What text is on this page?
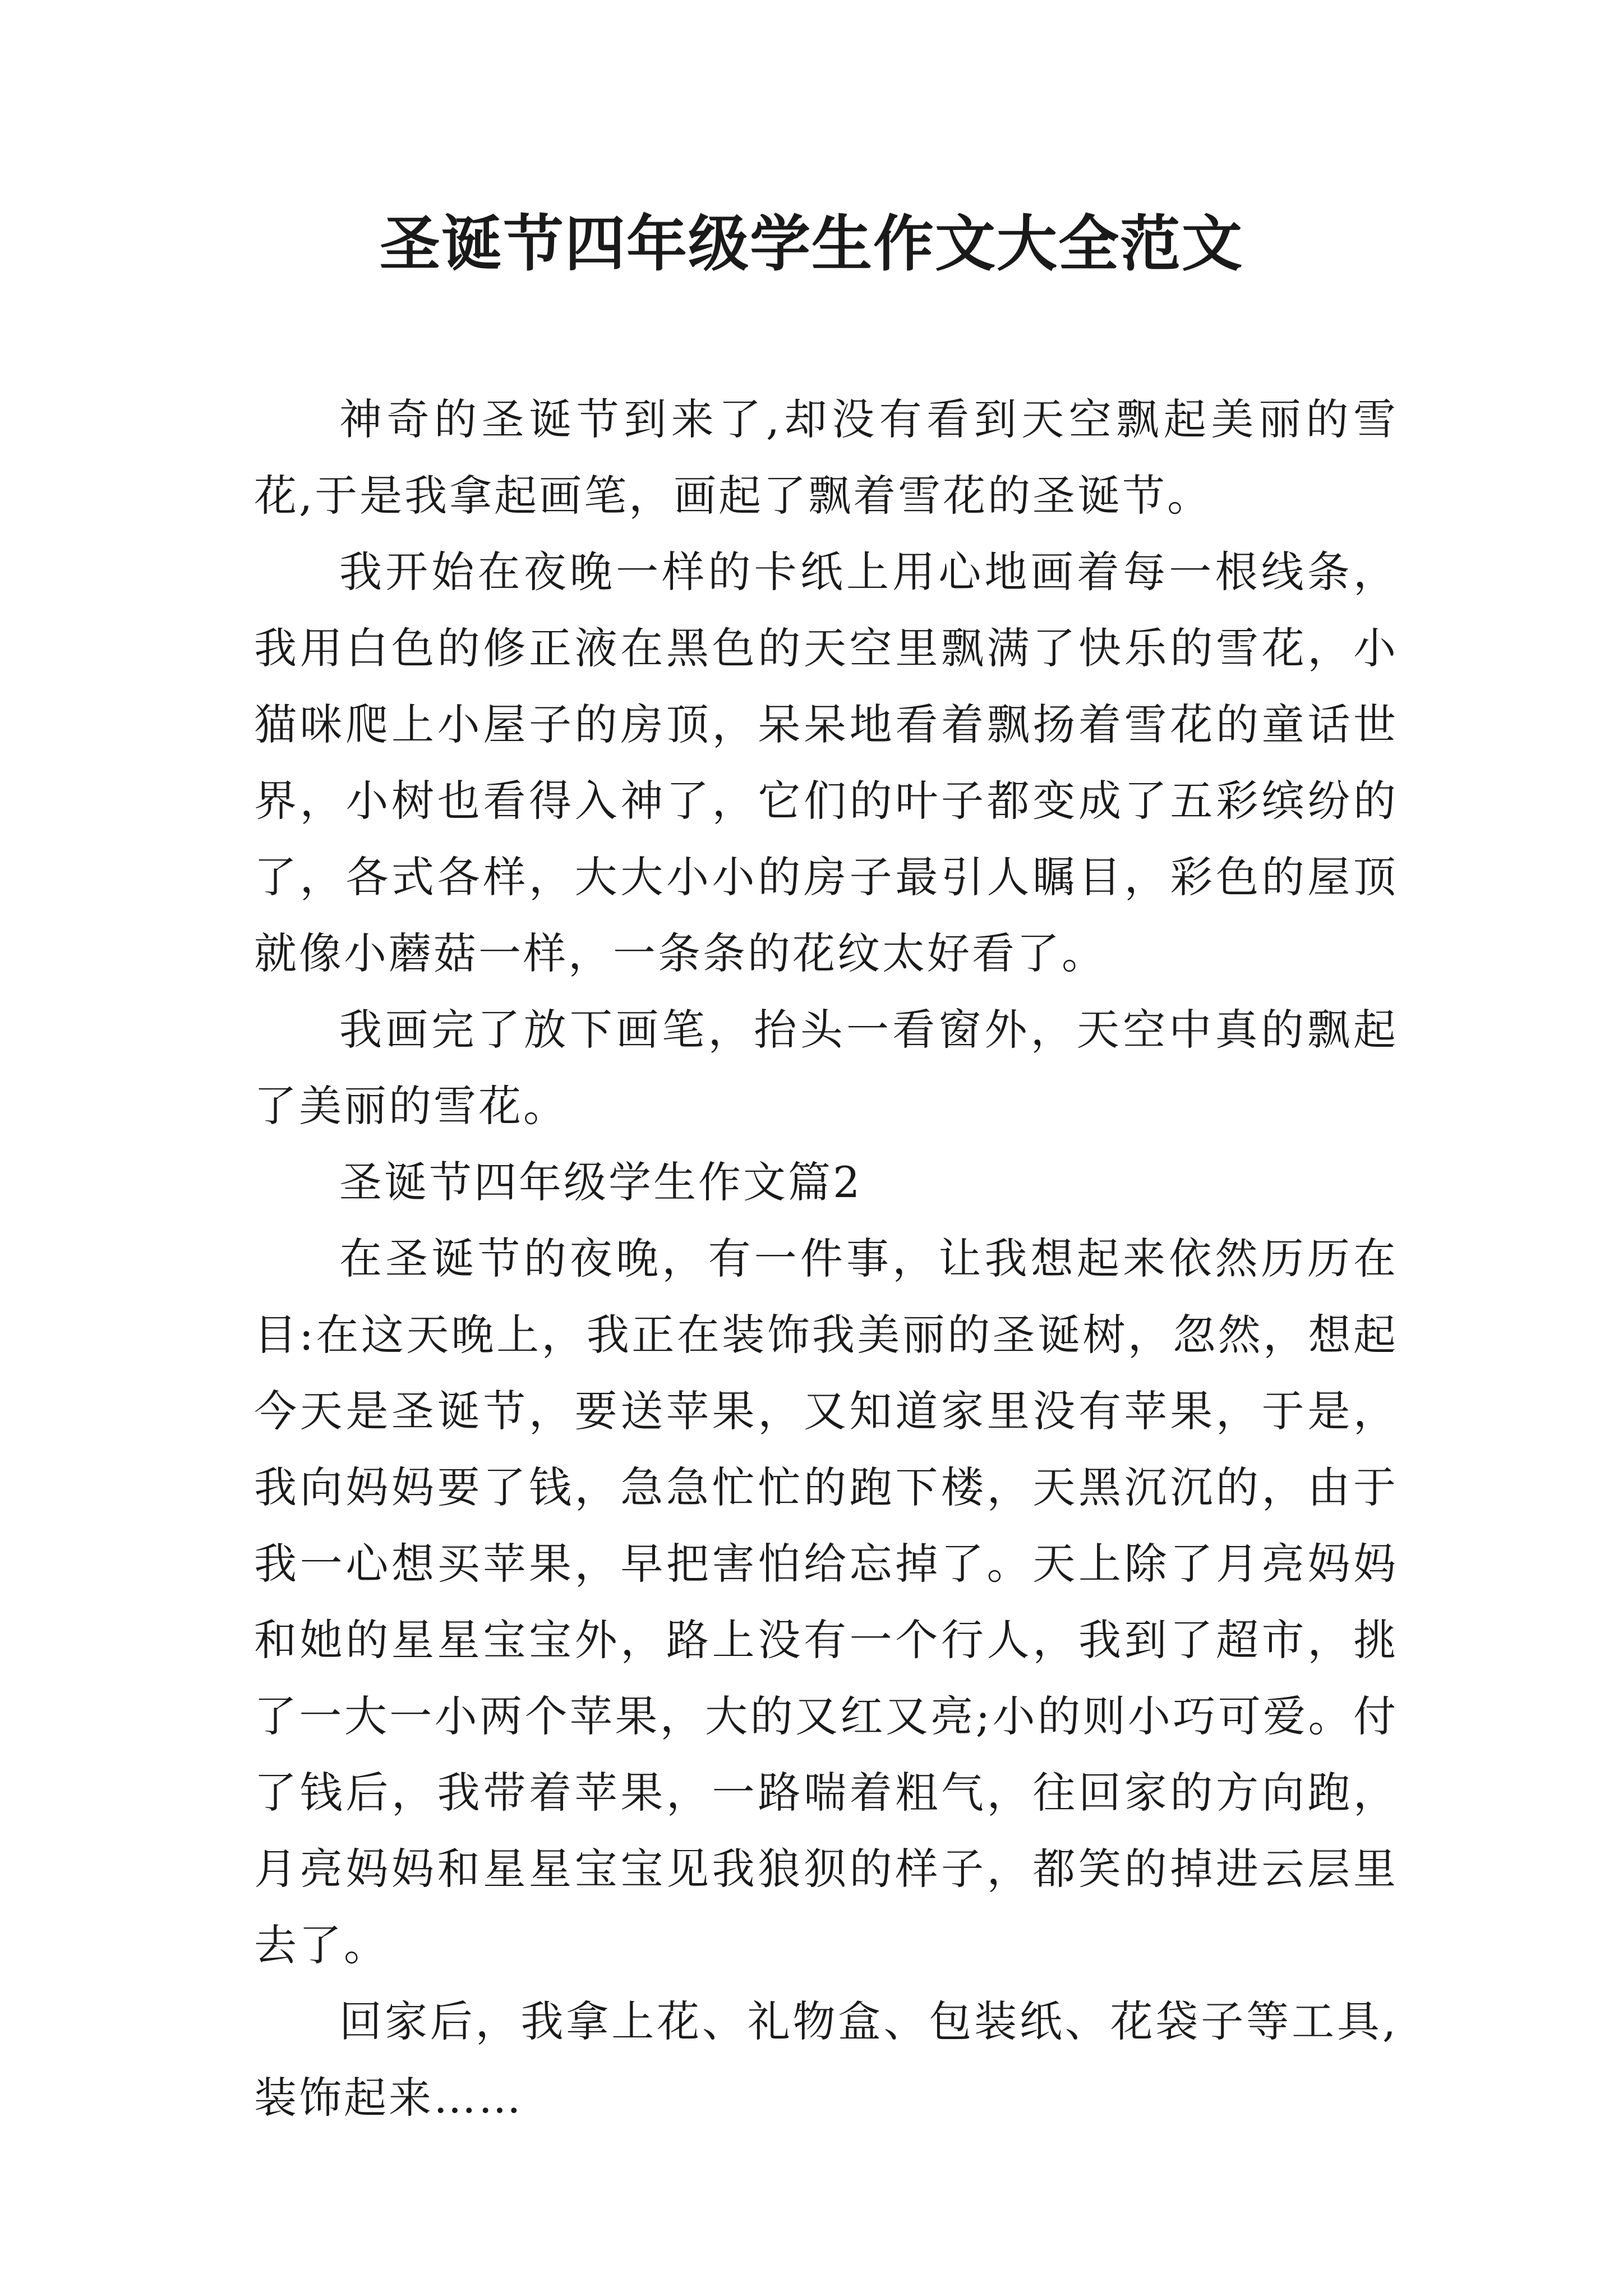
圣诞节四年级学生作文大全范文

神奇的圣诞节到来了,却没有看到天空飘起美丽的雪花,于是我拿起画笔，画起了飘着雪花的圣诞节。

我开始在夜晚一样的卡纸上用心地画着每一根线条，我用白色的修正液在黑色的天空里飘满了快乐的雪花，小猫咪爬上小屋子的房顶，呆呆地看着飘扬着雪花的童话世界，小树也看得入神了，它们的叶子都变成了五彩缤纷的了，各式各样，大大小小的房子最引人瞩目，彩色的屋顶就像小蘑菇一样，一条条的花纹太好看了。

我画完了放下画笔，抬头一看窗外，天空中真的飘起了美丽的雪花。

圣诞节四年级学生作文篇2

在圣诞节的夜晚，有一件事，让我想起来依然历历在目:在这天晚上，我正在装饰我美丽的圣诞树，忽然，想起今天是圣诞节，要送苹果，又知道家里没有苹果，于是，我向妈妈要了钱，急急忙忙的跑下楼，天黑沉沉的，由于我一心想买苹果，早把害怕给忘掉了。天上除了月亮妈妈和她的星星宝宝外，路上没有一个行人，我到了超市，挑了一大一小两个苹果，大的又红又亮;小的则小巧可爱。付了钱后，我带着苹果，一路喘着粗气，往回家的方向跑，月亮妈妈和星星宝宝见我狼狈的样子，都笑的掉进云层里去了。

回家后，我拿上花、礼物盒、包装纸、花袋子等工具,装饰起来……
